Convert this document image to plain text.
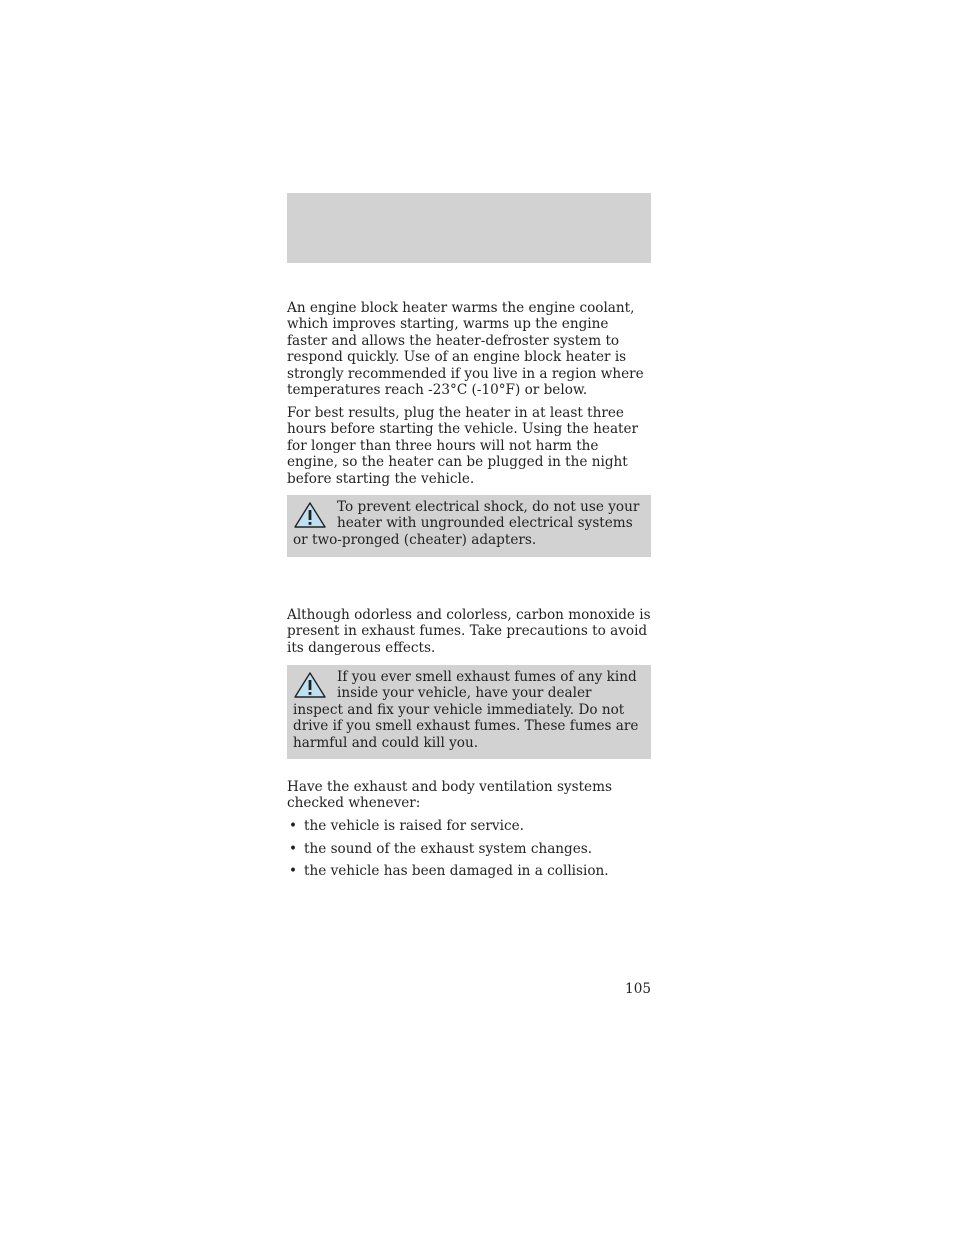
An engine block heater warms the engine coolant, which improves starting, warms up the engine faster and allows the heater-defroster system to respond quickly. Use of an engine block heater is strongly recommended if you live in a region where temperatures reach -23°C (-10°F) or below.

For best results, plug the heater in at least three hours before starting the vehicle. Using the heater for longer than three hours will not harm the engine, so the heater can be plugged in the night before starting the vehicle.

To prevent electrical shock, do not use your heater with ungrounded electrical systems or two-pronged (cheater) adapters.

Although odorless and colorless, carbon monoxide is present in exhaust fumes. Take precautions to avoid its dangerous effects.

If you ever smell exhaust fumes of any kind inside your vehicle, have your dealer inspect and fix your vehicle immediately. Do not drive if you smell exhaust fumes. These fumes are harmful and could kill you.

Have the exhaust and body ventilation systems checked whenever:

• the vehicle is raised for service.
• the sound of the exhaust system changes.
• the vehicle has been damaged in a collision.
105
